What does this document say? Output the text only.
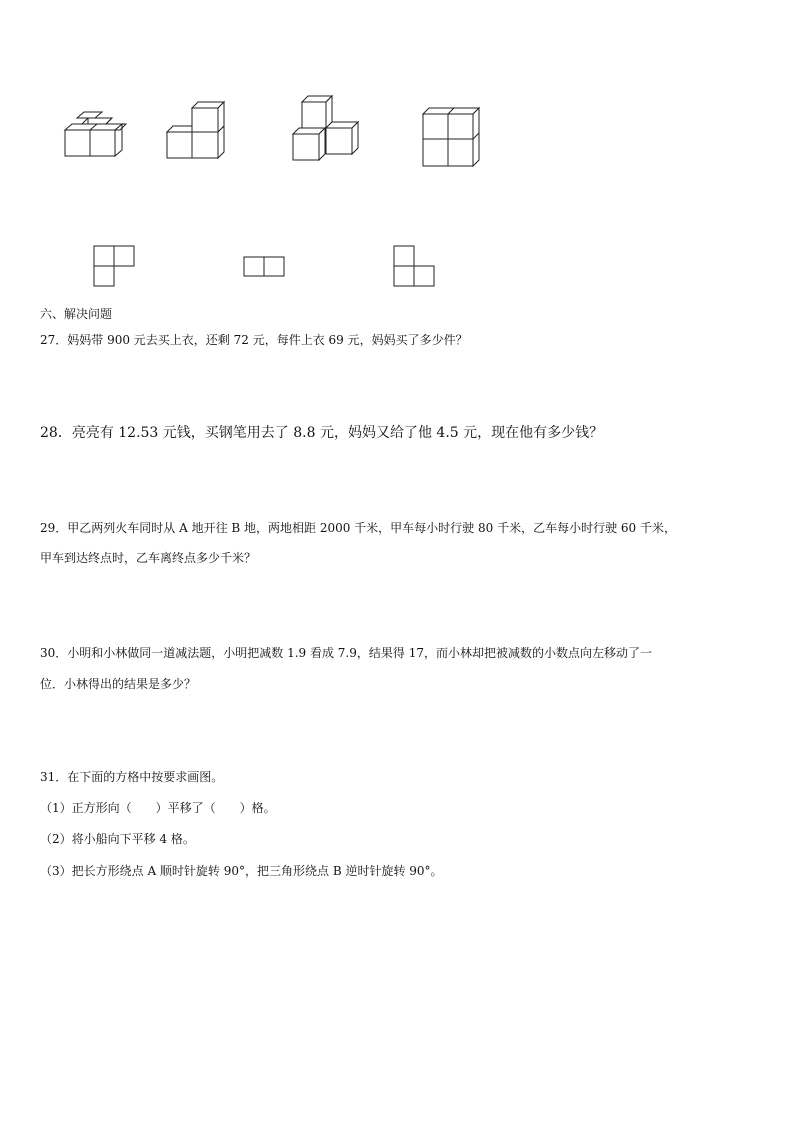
六、解决问题
27．妈妈带 900 元去买上衣，还剩 72 元，每件上衣 69 元，妈妈买了多少件？
28．亮亮有 12.53 元钱，买钢笔用去了 8.8 元，妈妈又给了他 4.5 元，现在他有多少钱？
29．甲乙两列火车同时从 A 地开往 B 地，两地相距 2000 千米，甲车每小时行驶 80 千米，乙车每小时行驶 60 千米，
甲车到达终点时，乙车离终点多少千米？
30．小明和小林做同一道减法题，小明把减数 1.9 看成 7.9，结果得 17，而小林却把被减数的小数点向左移动了一
位．小林得出的结果是多少？
31．在下面的方格中按要求画图。
（1）正方形向（　　）平移了（　　）格。
（2）将小船向下平移 4 格。
（3）把长方形绕点 A 顺时针旋转 90°，把三角形绕点 B 逆时针旋转 90°。
